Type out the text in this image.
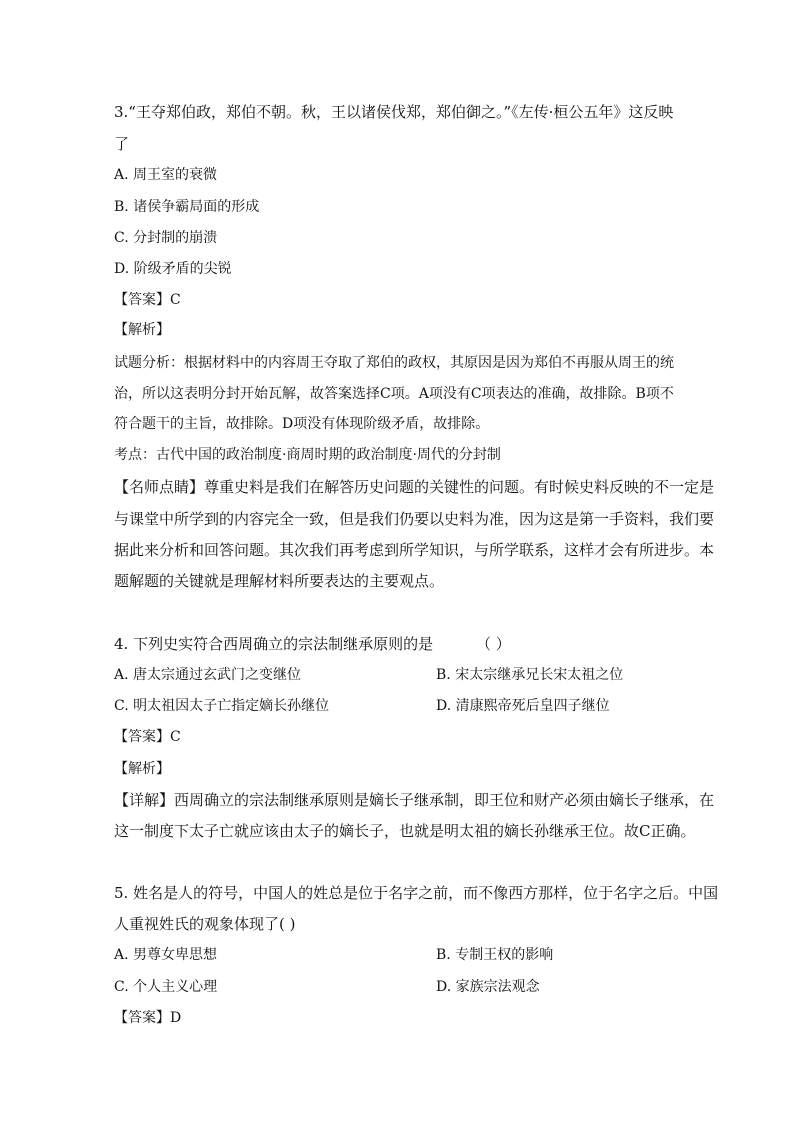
3.“王夺郑伯政，郑伯不朝。秋，王以诸侯伐郑，郑伯御之。”《左传·桓公五年》这反映
了
A. 周王室的衰微
B. 诸侯争霸局面的形成
C. 分封制的崩溃
D. 阶级矛盾的尖锐
【答案】C
【解析】
试题分析：根据材料中的内容周王夺取了郑伯的政权，其原因是因为郑伯不再服从周王的统
治，所以这表明分封开始瓦解，故答案选择C项。A项没有C项表达的准确，故排除。B项不
符合题干的主旨，故排除。D项没有体现阶级矛盾，故排除。
考点：古代中国的政治制度·商周时期的政治制度·周代的分封制
【名师点睛】尊重史料是我们在解答历史问题的关键性的问题。有时候史料反映的不一定是
与课堂中所学到的内容完全一致，但是我们仍要以史料为准，因为这是第一手资料，我们要
据此来分析和回答问题。其次我们再考虑到所学知识，与所学联系，这样才会有所进步。本
题解题的关键就是理解材料所要表达的主要观点。
4. 下列史实符合西周确立的宗法制继承原则的是	（ ）
A. 唐太宗通过玄武门之变继位	B. 宋太宗继承兄长宋太祖之位
C. 明太祖因太子亡指定嫡长孙继位	D. 清康熙帝死后皇四子继位
【答案】C
【解析】
【详解】西周确立的宗法制继承原则是嫡长子继承制，即王位和财产必须由嫡长子继承，在
这一制度下太子亡就应该由太子的嫡长子，也就是明太祖的嫡长孙继承王位。故C正确。
5. 姓名是人的符号，中国人的姓总是位于名字之前，而不像西方那样，位于名字之后。中国
人重视姓氏的观象体现了( )
A. 男尊女卑思想	B. 专制王权的影响
C. 个人主义心理	D. 家族宗法观念
【答案】D
